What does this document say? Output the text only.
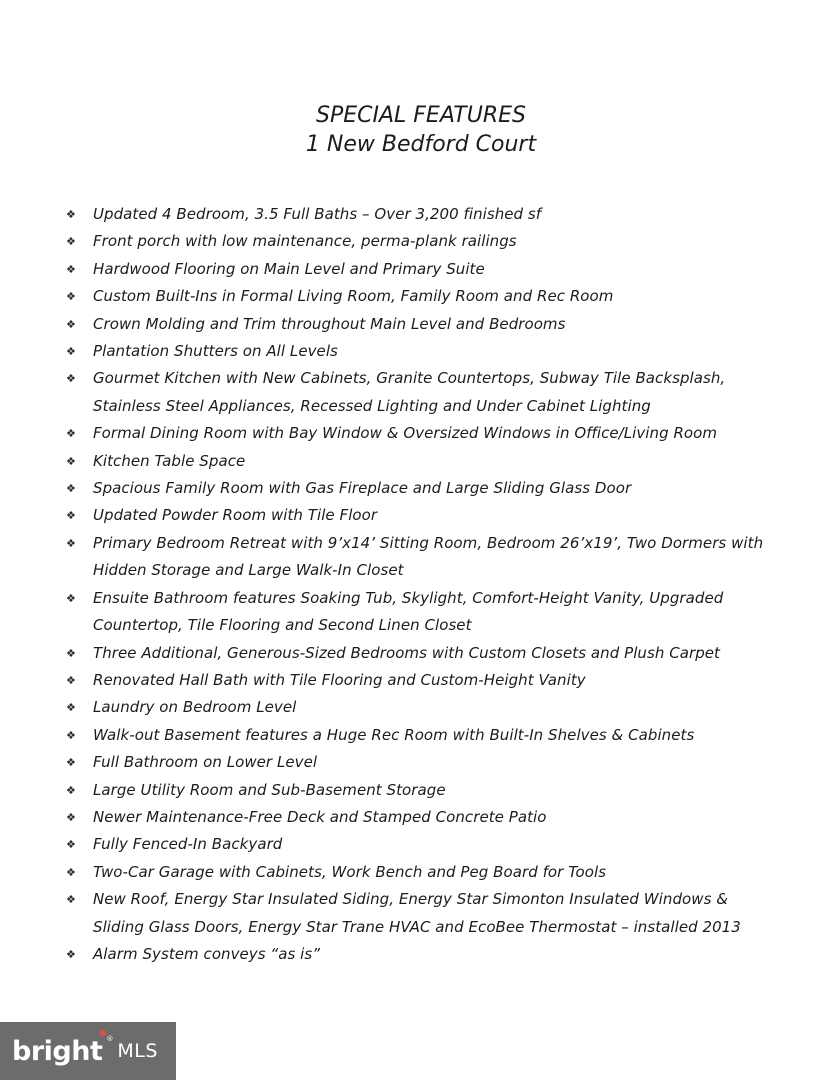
SPECIAL FEATURES
1 New Bedford Court
❖	Updated 4 Bedroom, 3.5 Full Baths – Over 3,200 finished sf
❖	Front porch with low maintenance, perma-plank railings
❖	Hardwood Flooring on Main Level and Primary Suite
❖	Custom Built-Ins in Formal Living Room, Family Room and Rec Room
❖	Crown Molding and Trim throughout Main Level and Bedrooms
❖	Plantation Shutters on All Levels
❖	Gourmet Kitchen with New Cabinets, Granite Countertops, Subway Tile Backsplash,
Stainless Steel Appliances, Recessed Lighting and Under Cabinet Lighting
❖	Formal Dining Room with Bay Window & Oversized Windows in Office/Living Room
❖	Kitchen Table Space
❖	Spacious Family Room with Gas Fireplace and Large Sliding Glass Door
❖	Updated Powder Room with Tile Floor
❖	Primary Bedroom Retreat with 9’x14’ Sitting Room, Bedroom 26’x19’, Two Dormers with
Hidden Storage and Large Walk-In Closet
❖	Ensuite Bathroom features Soaking Tub, Skylight, Comfort-Height Vanity, Upgraded
Countertop, Tile Flooring and Second Linen Closet
❖	Three Additional, Generous-Sized Bedrooms with Custom Closets and Plush Carpet
❖	Renovated Hall Bath with Tile Flooring and Custom-Height Vanity
❖	Laundry on Bedroom Level
❖	Walk-out Basement features a Huge Rec Room with Built-In Shelves & Cabinets
❖	Full Bathroom on Lower Level
❖	Large Utility Room and Sub-Basement Storage
❖	Newer Maintenance-Free Deck and Stamped Concrete Patio
❖	Fully Fenced-In Backyard
❖	Two-Car Garage with Cabinets, Work Bench and Peg Board for Tools
❖	New Roof, Energy Star Insulated Siding, Energy Star Simonton Insulated Windows &
Sliding Glass Doors, Energy Star Trane HVAC and EcoBee Thermostat – installed 2013
❖	Alarm System conveys “as is”
bright ®
MLS
